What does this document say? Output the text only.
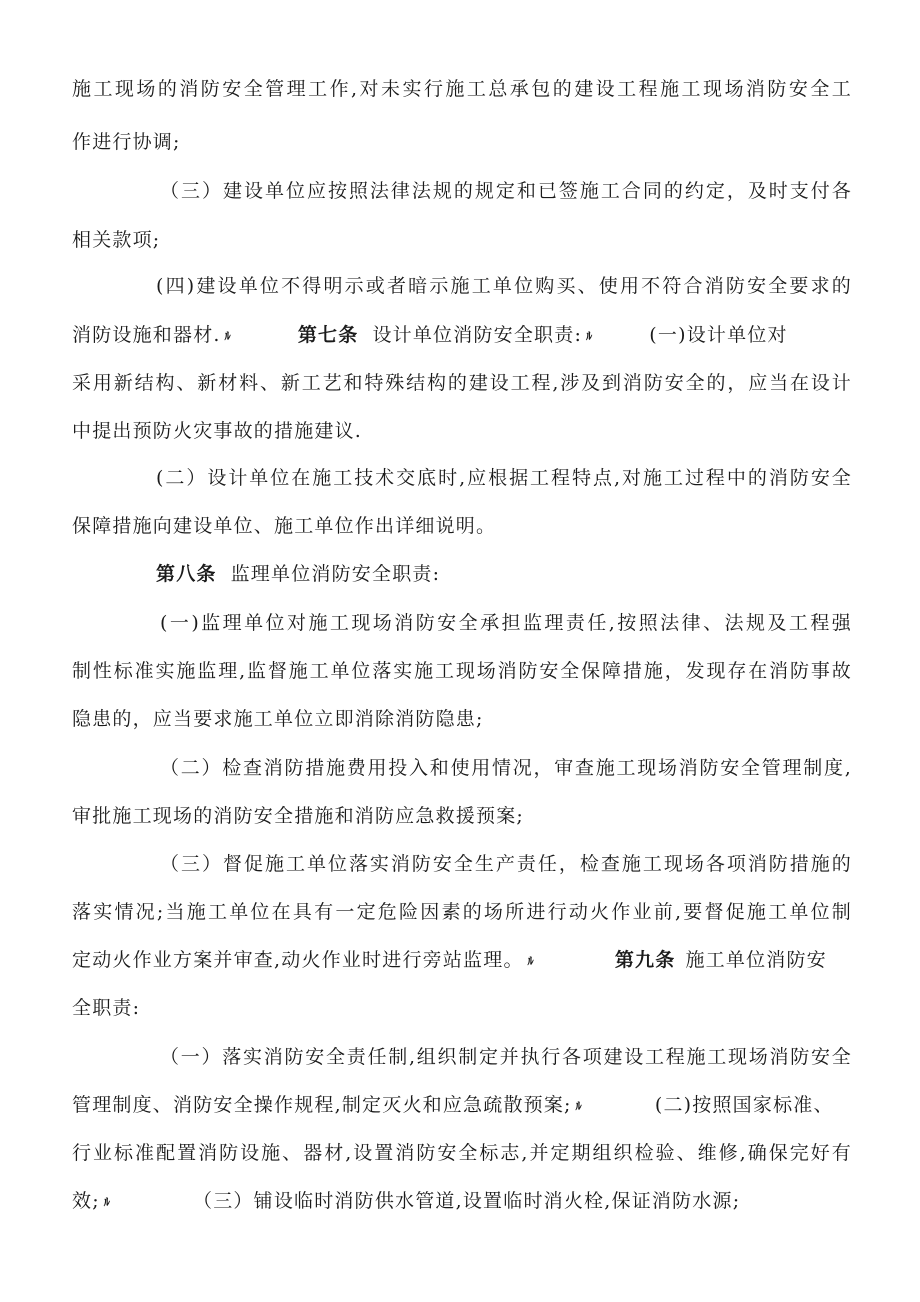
施工现场的消防安全管理工作,对未实行施工总承包的建设工程施工现场消防安全工
作进行协调;
（三）建设单位应按照法律法规的规定和已签施工合同的约定，及时支付各
相关款项;
(四)建设单位不得明示或者暗示施工单位购买、使用不符合消防安全要求的
消防设施和器材. ﾙ	第七条 设计单位消防安全职责: ﾙ	(一)设计单位对
采用新结构、新材料、新工艺和特殊结构的建设工程,涉及到消防安全的，应当在设计
中提出预防火灾事故的措施建议.
(二）设计单位在施工技术交底时,应根据工程特点,对施工过程中的消防安全
保障措施向建设单位、施工单位作出详细说明。
第八条 监理单位消防安全职责:
(一)监理单位对施工现场消防安全承担监理责任,按照法律、法规及工程强
制性标准实施监理,监督施工单位落实施工现场消防安全保障措施，发现存在消防事故
隐患的，应当要求施工单位立即消除消防隐患;
（二）检查消防措施费用投入和使用情况，审查施工现场消防安全管理制度,
审批施工现场的消防安全措施和消防应急救援预案;
（三）督促施工单位落实消防安全生产责任，检查施工现场各项消防措施的
落实情况;当施工单位在具有一定危险因素的场所进行动火作业前,要督促施工单位制
定动火作业方案并审查,动火作业时进行旁站监理。 ﾙ	第九条 施工单位消防安
全职责:
（一）落实消防安全责任制,组织制定并执行各项建设工程施工现场消防安全
管理制度、消防安全操作规程,制定灭火和应急疏散预案; ﾙ	(二)按照国家标准、
行业标准配置消防设施、器材,设置消防安全标志,并定期组织检验、维修,确保完好有
效; ﾙ	（三）铺设临时消防供水管道,设置临时消火栓,保证消防水源;
